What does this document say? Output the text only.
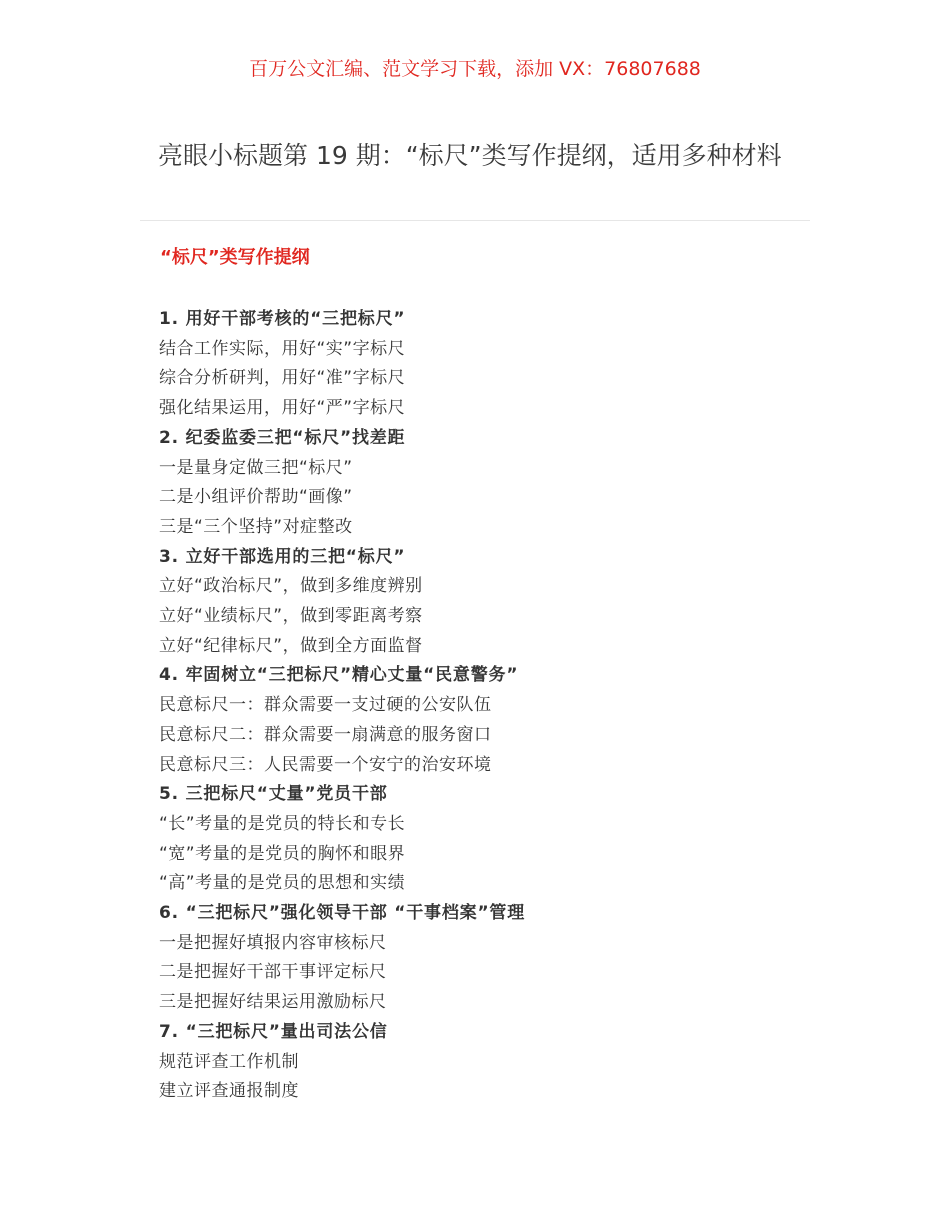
百万公文汇编、范文学习下载，添加 VX：76807688
亮眼小标题第 19 期：“标尺”类写作提纲，适用多种材料
“标尺”类写作提纲
1. 用好干部考核的“三把标尺”
结合工作实际，用好“实”字标尺
综合分析研判，用好“准”字标尺
强化结果运用，用好“严”字标尺
2. 纪委监委三把“标尺”找差距
一是量身定做三把“标尺”
二是小组评价帮助“画像”
三是“三个坚持”对症整改
3. 立好干部选用的三把“标尺”
立好“政治标尺”，做到多维度辨别
立好“业绩标尺”，做到零距离考察
立好“纪律标尺”，做到全方面监督
4. 牢固树立“三把标尺”精心丈量“民意警务”
民意标尺一：群众需要一支过硬的公安队伍
民意标尺二：群众需要一扇满意的服务窗口
民意标尺三：人民需要一个安宁的治安环境
5. 三把标尺“丈量”党员干部
“长”考量的是党员的特长和专长
“宽”考量的是党员的胸怀和眼界
“高”考量的是党员的思想和实绩
6. “三把标尺”强化领导干部 “干事档案”管理
一是把握好填报内容审核标尺
二是把握好干部干事评定标尺
三是把握好结果运用激励标尺
7. “三把标尺”量出司法公信
规范评查工作机制
建立评查通报制度
